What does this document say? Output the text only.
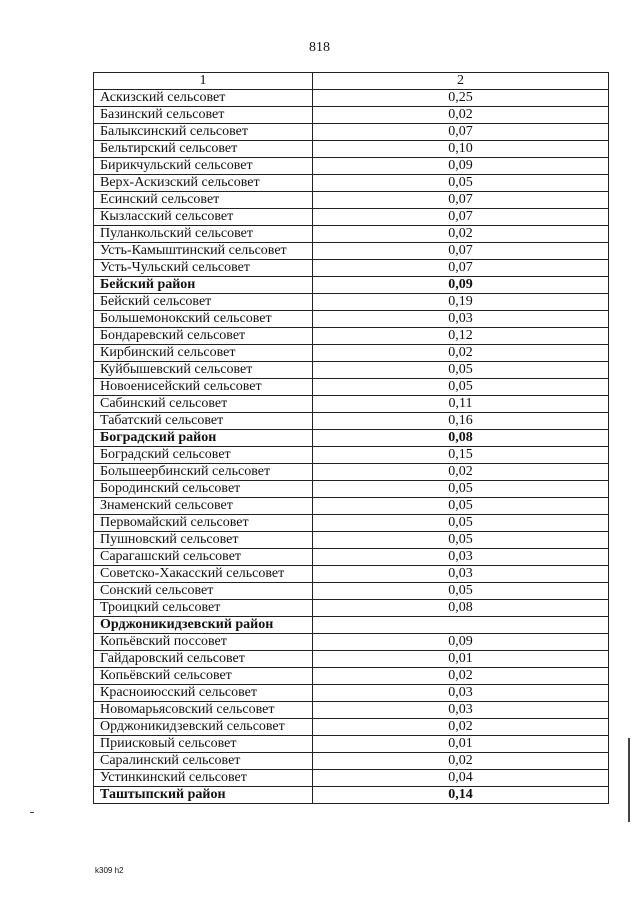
818
1	2
Аскизский сельсовет	0,25
Базинский сельсовет	0,02
Балыксинский сельсовет	0,07
Бельтирский сельсовет	0,10
Бирикчульский сельсовет	0,09
Верх-Аскизский сельсовет	0,05
Есинский сельсовет	0,07
Кызласский сельсовет	0,07
Пуланкольский сельсовет	0,02
Усть-Камыштинский сельсовет	0,07
Усть-Чульский сельсовет	0,07
Бейский район	0,09
Бейский сельсовет	0,19
Большемонокский сельсовет	0,03
Бондаревский сельсовет	0,12
Кирбинский сельсовет	0,02
Куйбышевский сельсовет	0,05
Новоенисейский сельсовет	0,05
Сабинский сельсовет	0,11
Табатский сельсовет	0,16
Боградский район	0,08
Боградский сельсовет	0,15
Большеербинский сельсовет	0,02
Бородинский сельсовет	0,05
Знаменский сельсовет	0,05
Первомайский сельсовет	0,05
Пушновский сельсовет	0,05
Сарагашский сельсовет	0,03
Советско-Хакасский сельсовет	0,03
Сонский сельсовет	0,05
Троицкий сельсовет	0,08
Орджоникидзевский район	
Копьёвский поссовет	0,09
Гайдаровский сельсовет	0,01
Копьёвский сельсовет	0,02
Красноиюсский сельсовет	0,03
Новомарьясовский сельсовет	0,03
Орджоникидзевский сельсовет	0,02
Приисковый сельсовет	0,01
Саралинский сельсовет	0,02
Устинкинский сельсовет	0,04
Таштыпский район	0,14
k309 h2
